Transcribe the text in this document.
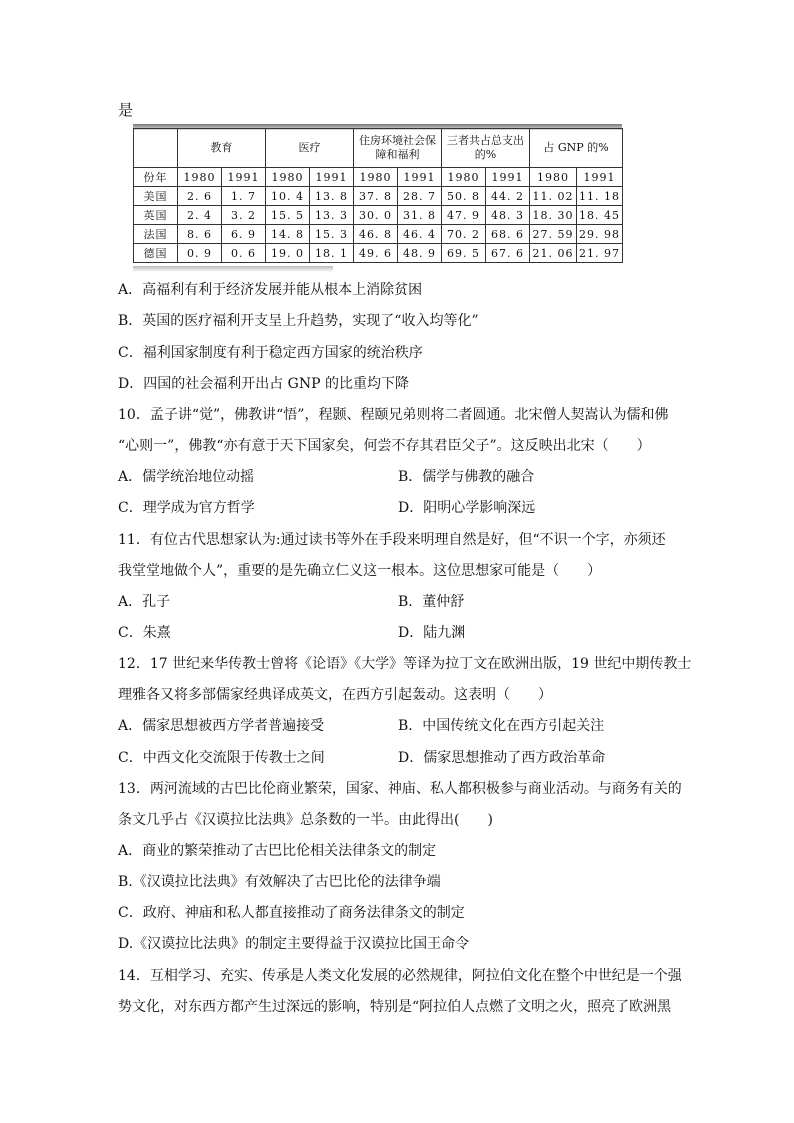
是
	教育		医疗		住房环境社会保障和福利		三者共占总支出的%		占 GNP 的%	
份年	1980	1991	1980	1991	1980	1991	1980	1991	1980	1991
美国	2. 6	1. 7	10. 4	13. 8	37. 8	28. 7	50. 8	44. 2	11. 02	11. 18
英国	2. 4	3. 2	15. 5	13. 3	30. 0	31. 8	47. 9	48. 3	18. 30	18. 45
法国	8. 6	6. 9	14. 8	15. 3	46. 8	46. 4	70. 2	68. 6	27. 59	29. 98
德国	0. 9	0. 6	19. 0	18. 1	49. 6	48. 9	69. 5	67. 6	21. 06	21. 97
A．高福利有利于经济发展并能从根本上消除贫困
B．英国的医疗福利开支呈上升趋势，实现了“收入均等化”
C．福利国家制度有利于稳定西方国家的统治秩序
D．四国的社会福利开出占 GNP 的比重均下降
10．孟子讲“觉”，佛教讲“悟”，程颢、程颐兄弟则将二者圆通。北宋僧人契嵩认为儒和佛
“心则一”，佛教“亦有意于天下国家矣，何尝不存其君臣父子”。这反映出北宋（　　）
A．儒学统治地位动摇	B．儒学与佛教的融合
C．理学成为官方哲学	D．阳明心学影响深远
11．有位古代思想家认为:通过读书等外在手段来明理自然是好，但“不识一个字，亦须还
我堂堂地做个人”，重要的是先确立仁义这一根本。这位思想家可能是（　　）
A．孔子	B．董仲舒
C．朱熹	D．陆九渊
12．17 世纪来华传教士曾将《论语》《大学》等译为拉丁文在欧洲出版，19 世纪中期传教士
理雅各又将多部儒家经典译成英文，在西方引起轰动。这表明（　　）
A．儒家思想被西方学者普遍接受	B．中国传统文化在西方引起关注
C．中西文化交流限于传教士之间	D．儒家思想推动了西方政治革命
13．两河流域的古巴比伦商业繁荣，国家、神庙、私人都积极参与商业活动。与商务有关的
条文几乎占《汉谟拉比法典》总条数的一半。由此得出(　　)
A．商业的繁荣推动了古巴比伦相关法律条文的制定
B.《汉谟拉比法典》有效解决了古巴比伦的法律争端
C．政府、神庙和私人都直接推动了商务法律条文的制定
D.《汉谟拉比法典》的制定主要得益于汉谟拉比国王命令
14．互相学习、充实、传承是人类文化发展的必然规律，阿拉伯文化在整个中世纪是一个强
势文化，对东西方都产生过深远的影响，特别是“阿拉伯人点燃了文明之火，照亮了欧洲黑
